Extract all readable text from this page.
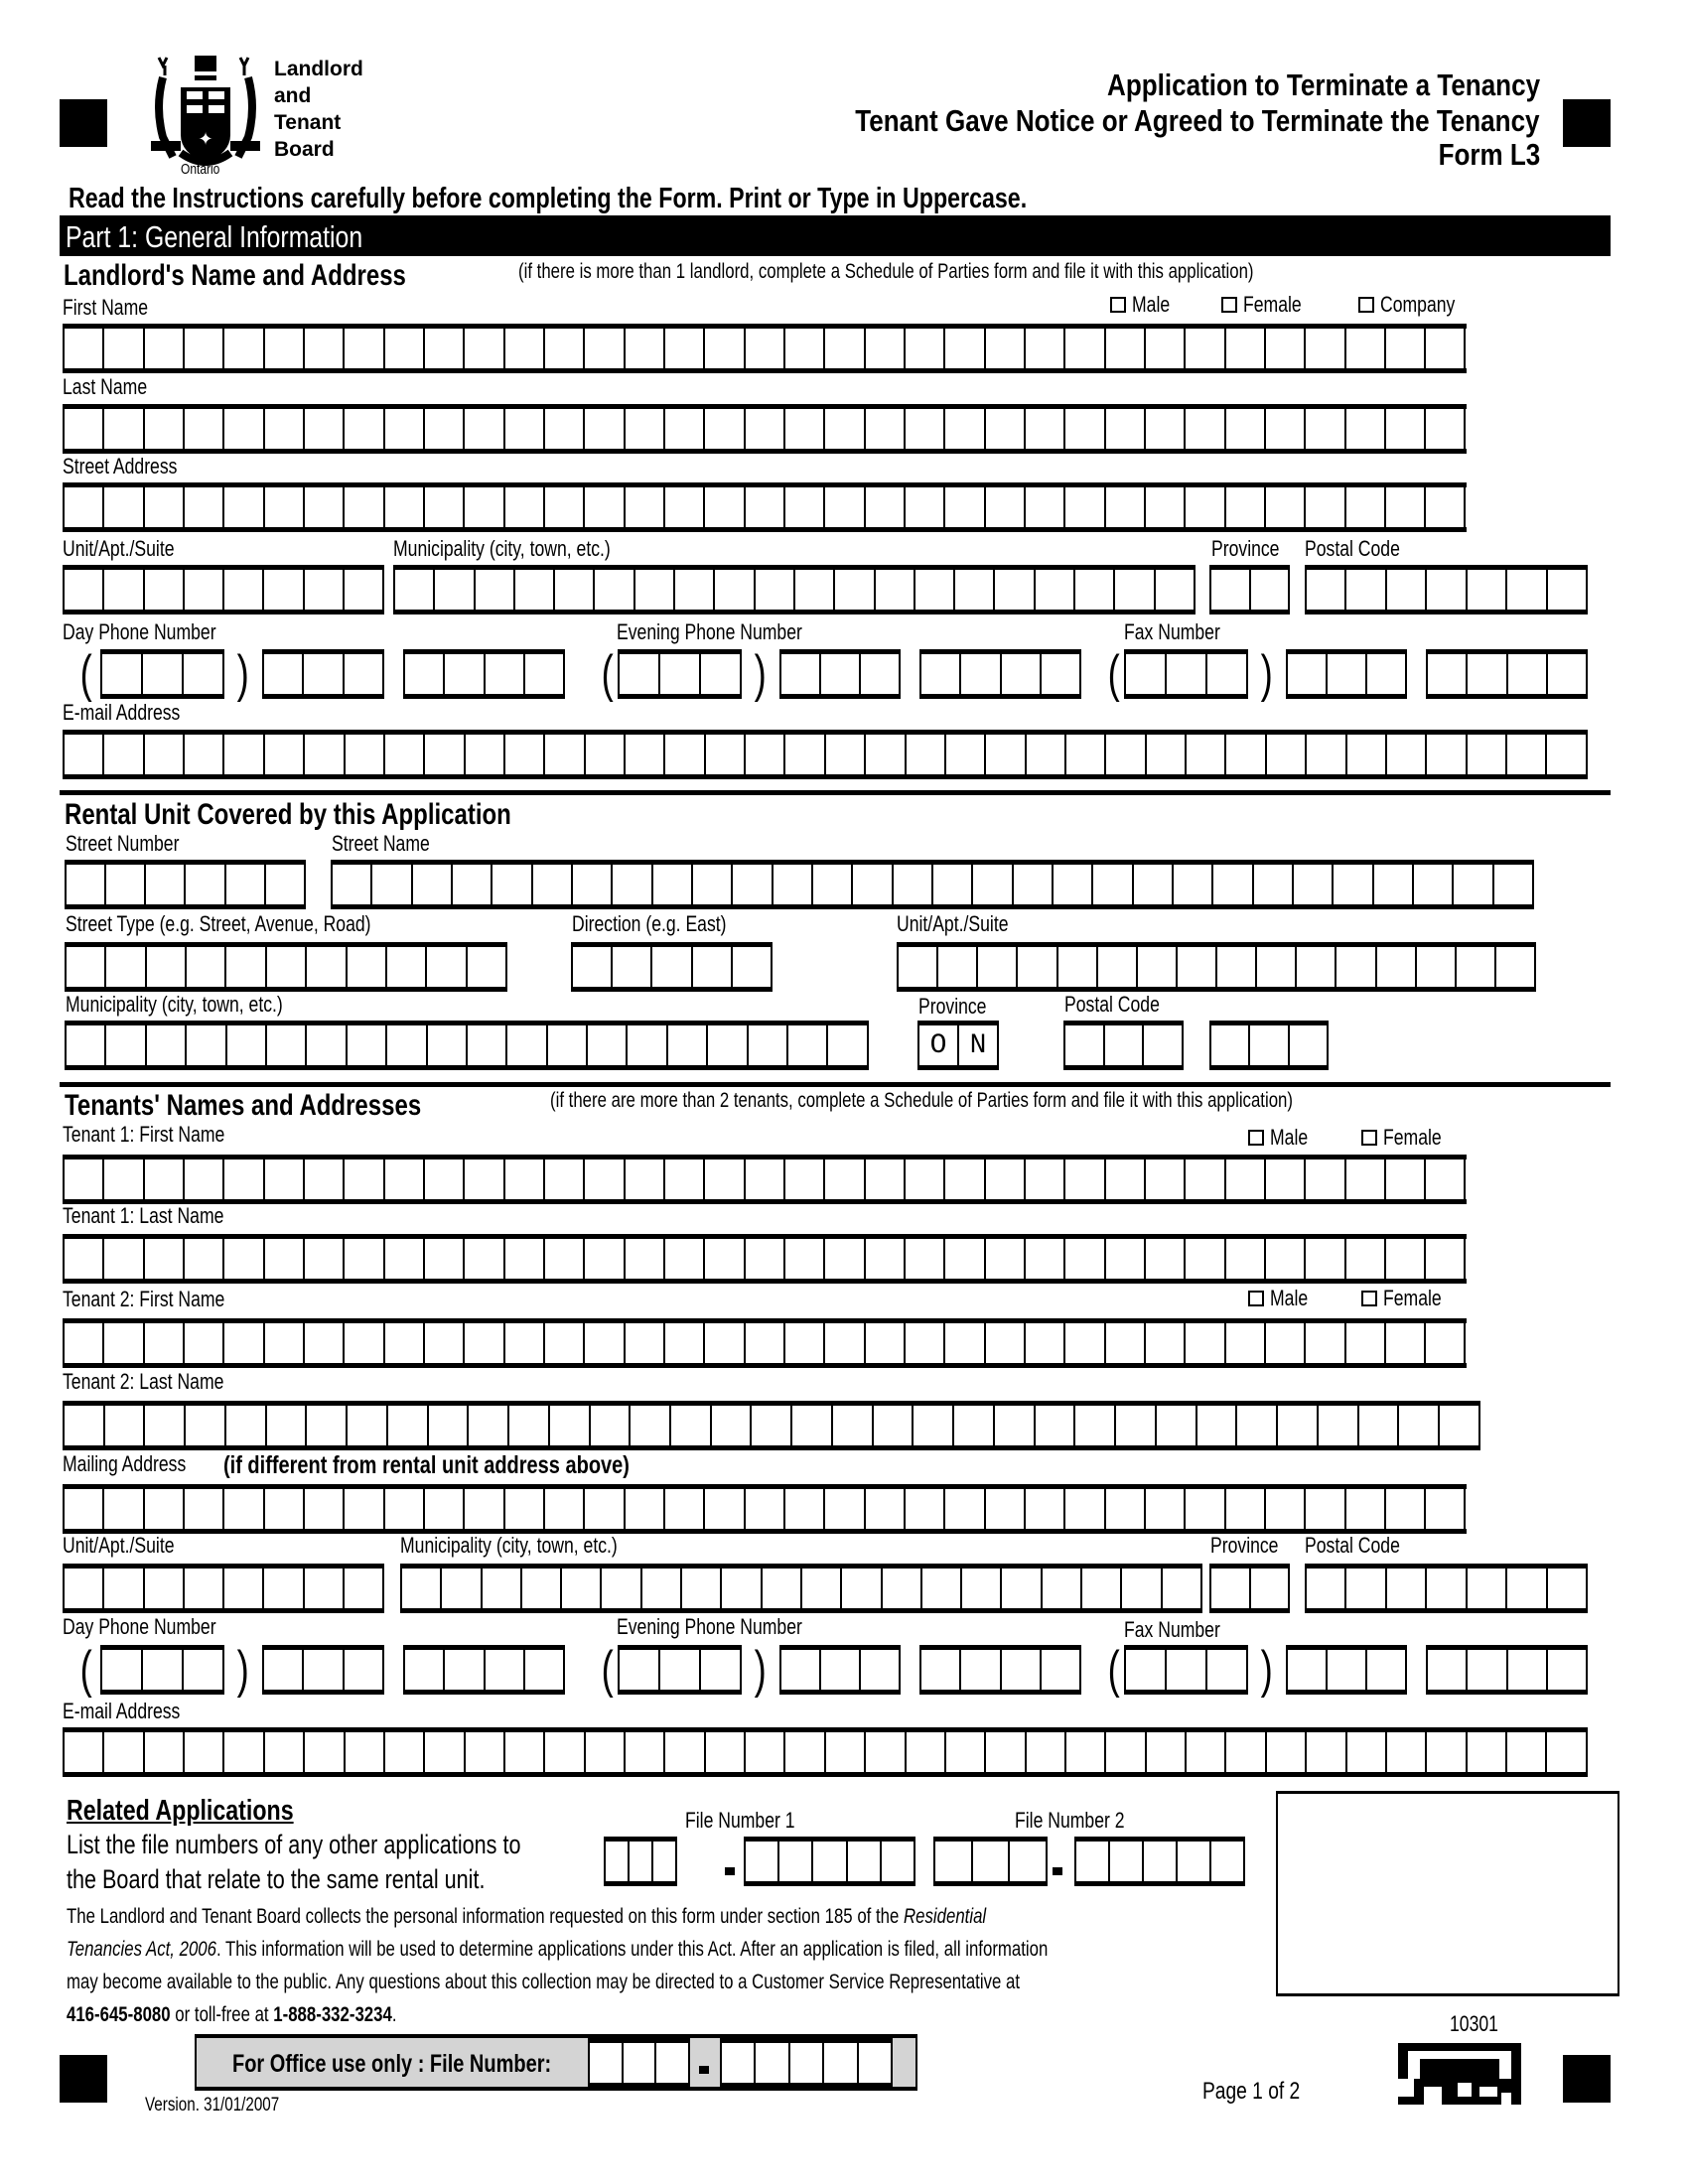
✦
Ontario
Landlord
and
Tenant
Board
Application to Terminate a Tenancy
Tenant Gave Notice or Agreed to Terminate the Tenancy
Form L3
Read the Instructions carefully before completing the Form. Print or Type in Uppercase.
Part 1: General Information
Landlord's Name and Address	(if there is more than 1 landlord, complete a Schedule of Parties form and file it with this application)
First Name	Male	Female	Company
Last Name
Street Address
Unit/Apt./Suite	Municipality (city, town, etc.)	Province Postal Code
Day Phone Number	Evening Phone Number	Fax Number
E-mail Address
Rental Unit Covered by this Application
Street Number	Street Name
Street Type (e.g. Street, Avenue, Road)	Direction (e.g. East)	Unit/Apt./Suite
Municipality (city, town, etc.)	Province	Postal Code
O N
Tenants' Names and Addresses	(if there are more than 2 tenants, complete a Schedule of Parties form and file it with this application)
Tenant 1: First Name	Male	Female
Tenant 1: Last Name
Tenant 2: First Name	Male	Female
Tenant 2: Last Name
Mailing Address (if different from rental unit address above)
Unit/Apt./Suite	Municipality (city, town, etc.)	Province Postal Code
Day Phone Number	Evening Phone Number	Fax Number
E-mail Address
Related Applications
List the file numbers of any other applications to
the Board that relate to the same rental unit.
File Number 1	File Number 2
The Landlord and Tenant Board collects the personal information requested on this form under section 185 of the Residential
Tenancies Act, 2006. This information will be used to determine applications under this Act. After an application is filed, all information
may become available to the public. Any questions about this collection may be directed to a Customer Service Representative at
416-645-8080 or toll-free at 1-888-332-3234.	10301
For Office use only : File Number:
Version. 31/01/2007
Page 1 of 2
(	)	(	)	(	)
(	)	(	)	(	)
